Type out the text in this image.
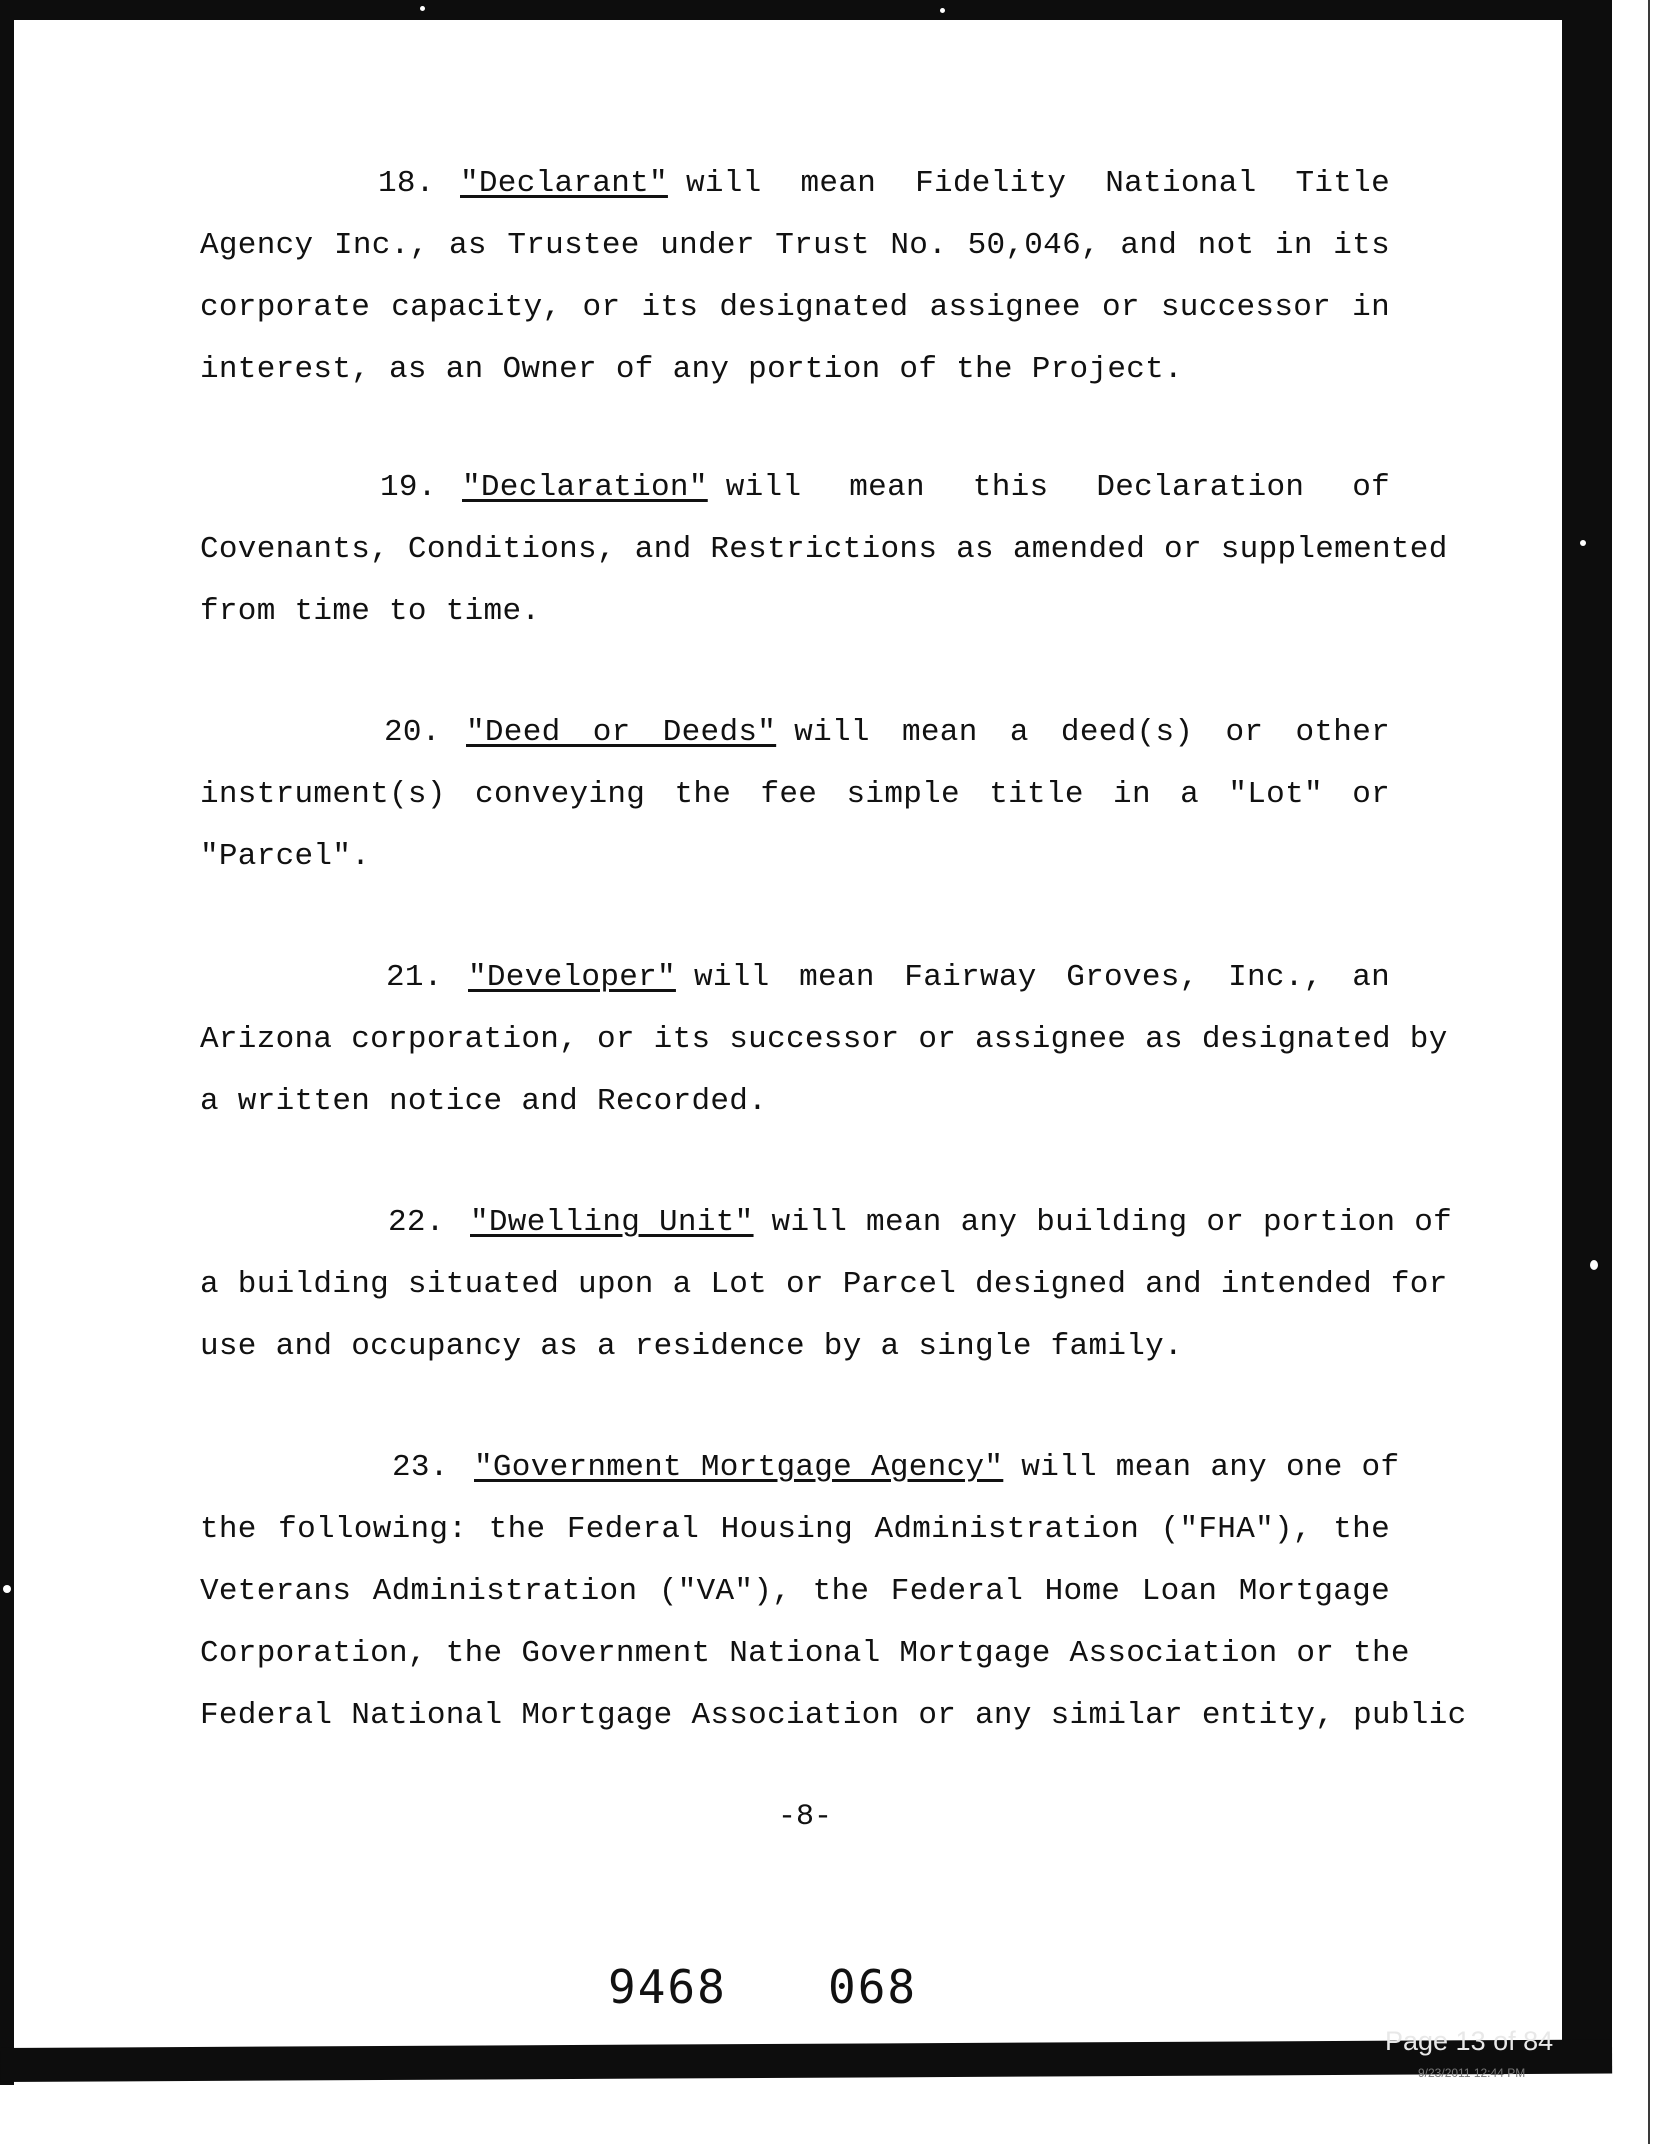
18. "Declarant" will mean Fidelity National Title
Agency Inc., as Trustee under Trust No. 50,046, and not in its
corporate capacity, or its designated assignee or successor in
interest, as an Owner of any portion of the Project.
19. "Declaration" will mean this Declaration of
Covenants, Conditions, and Restrictions as amended or supplemented
from time to time.
20. "Deed or Deeds" will mean a deed(s) or other
instrument(s) conveying the fee simple title in a "Lot" or
"Parcel".
21. "Developer" will mean Fairway Groves, Inc., an
Arizona corporation, or its successor or assignee as designated by
a written notice and Recorded.
22. "Dwelling Unit" will mean any building or portion of
a building situated upon a Lot or Parcel designed and intended for
use and occupancy as a residence by a single family.
23. "Government Mortgage Agency" will mean any one of
the following: the Federal Housing Administration ("FHA"), the
Veterans Administration ("VA"), the Federal Home Loan Mortgage
Corporation, the Government National Mortgage Association or the
Federal National Mortgage Association or any similar entity, public
-8-
9468 068
Page 13 of 84
9/23/2011 12:44 PM
